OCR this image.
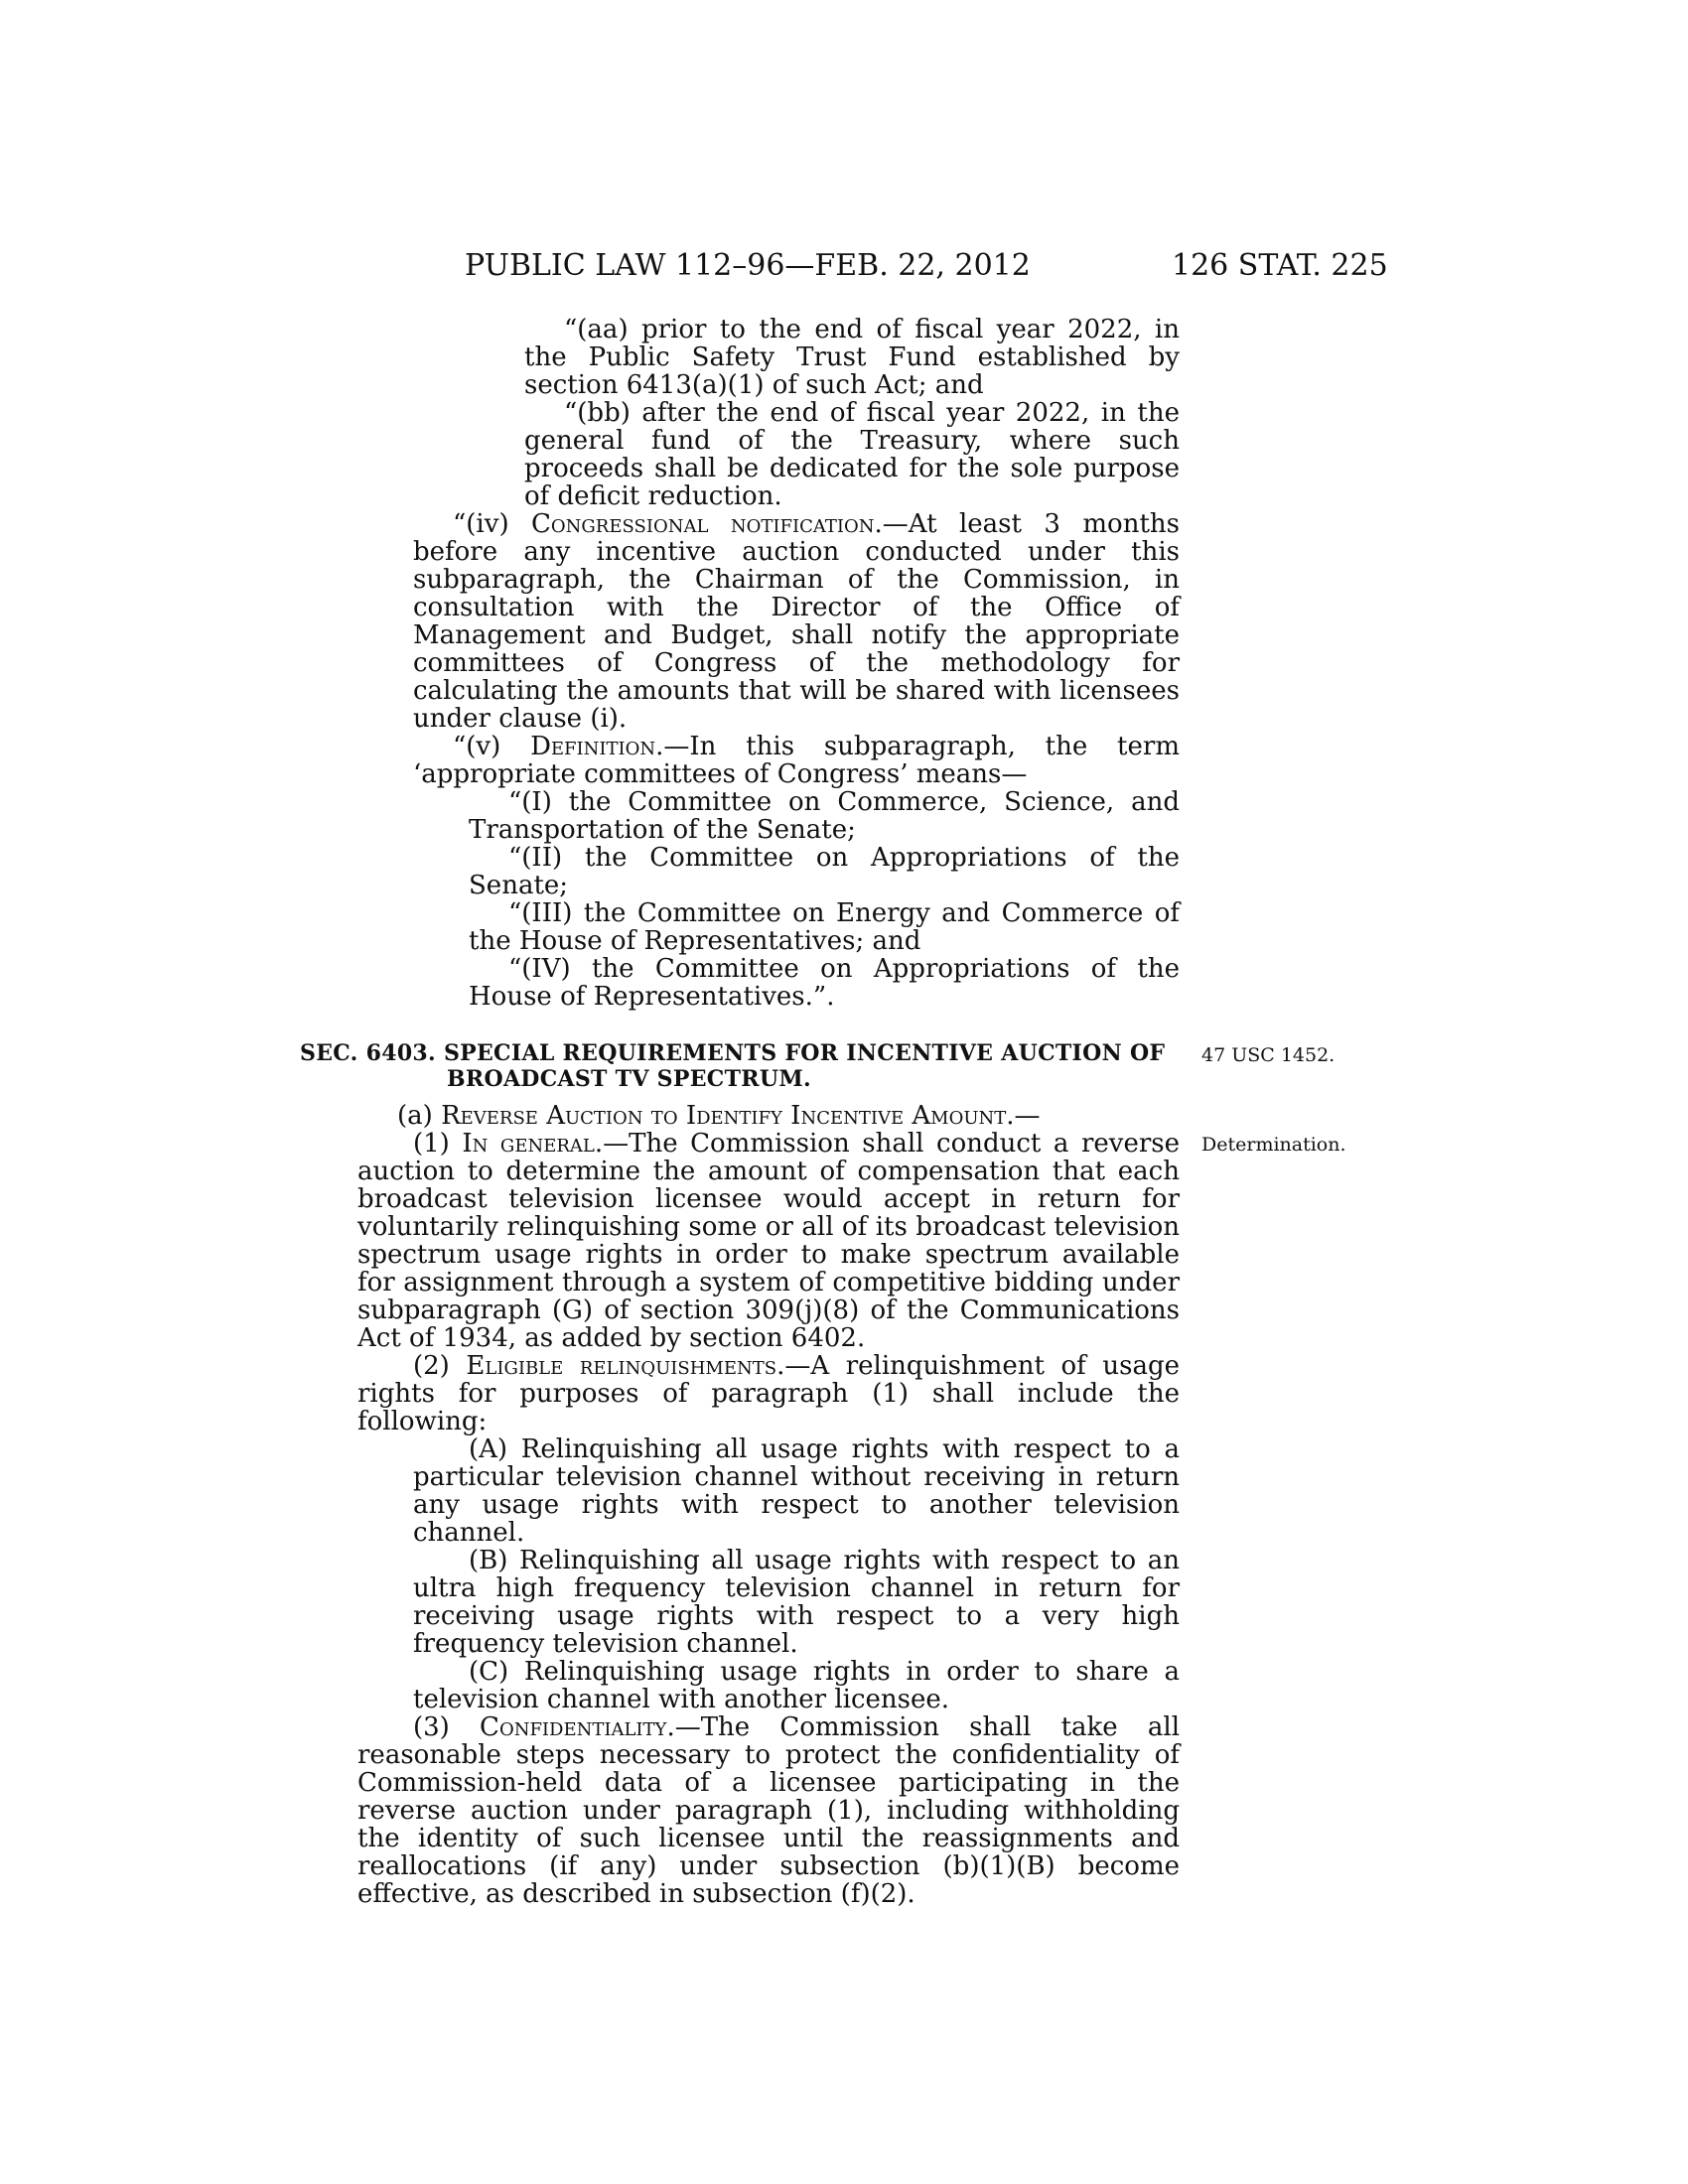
PUBLIC LAW 112–96—FEB. 22, 2012	126 STAT. 225

“(aa) prior to the end of fiscal year 2022, in the Public Safety Trust Fund established by section 6413(a)(1) of such Act; and

“(bb) after the end of fiscal year 2022, in the general fund of the Treasury, where such proceeds shall be dedicated for the sole purpose of deficit reduction.

“(iv) Congressional notification.—At least 3 months before any incentive auction conducted under this subparagraph, the Chairman of the Commission, in consultation with the Director of the Office of Management and Budget, shall notify the appropriate committees of Congress of the methodology for calculating the amounts that will be shared with licensees under clause (i).

“(v) Definition.—In this subparagraph, the term ‘appropriate committees of Congress’ means—

“(I) the Committee on Commerce, Science, and Transportation of the Senate;

“(II) the Committee on Appropriations of the Senate;

“(III) the Committee on Energy and Commerce of the House of Representatives; and

“(IV) the Committee on Appropriations of the House of Representatives.”.

SEC. 6403. SPECIAL REQUIREMENTS FOR INCENTIVE AUCTION OF
BROADCAST TV SPECTRUM.
47 USC 1452.

(a) Reverse Auction to Identify Incentive Amount.—

(1) In general.—The Commission shall conduct a reverse auction to determine the amount of compensation that each broadcast television licensee would accept in return for voluntarily relinquishing some or all of its broadcast television spectrum usage rights in order to make spectrum available for assignment through a system of competitive bidding under subparagraph (G) of section 309(j)(8) of the Communications Act of 1934, as added by section 6402.

(2) Eligible relinquishments.—A relinquishment of usage rights for purposes of paragraph (1) shall include the following:

(A) Relinquishing all usage rights with respect to a particular television channel without receiving in return any usage rights with respect to another television channel.

(B) Relinquishing all usage rights with respect to an ultra high frequency television channel in return for receiving usage rights with respect to a very high frequency television channel.

(C) Relinquishing usage rights in order to share a television channel with another licensee.

(3) Confidentiality.—The Commission shall take all reasonable steps necessary to protect the confidentiality of Commission-held data of a licensee participating in the reverse auction under paragraph (1), including withholding the identity of such licensee until the reassignments and reallocations (if any) under subsection (b)(1)(B) become effective, as described in subsection (f)(2).

Determination.
